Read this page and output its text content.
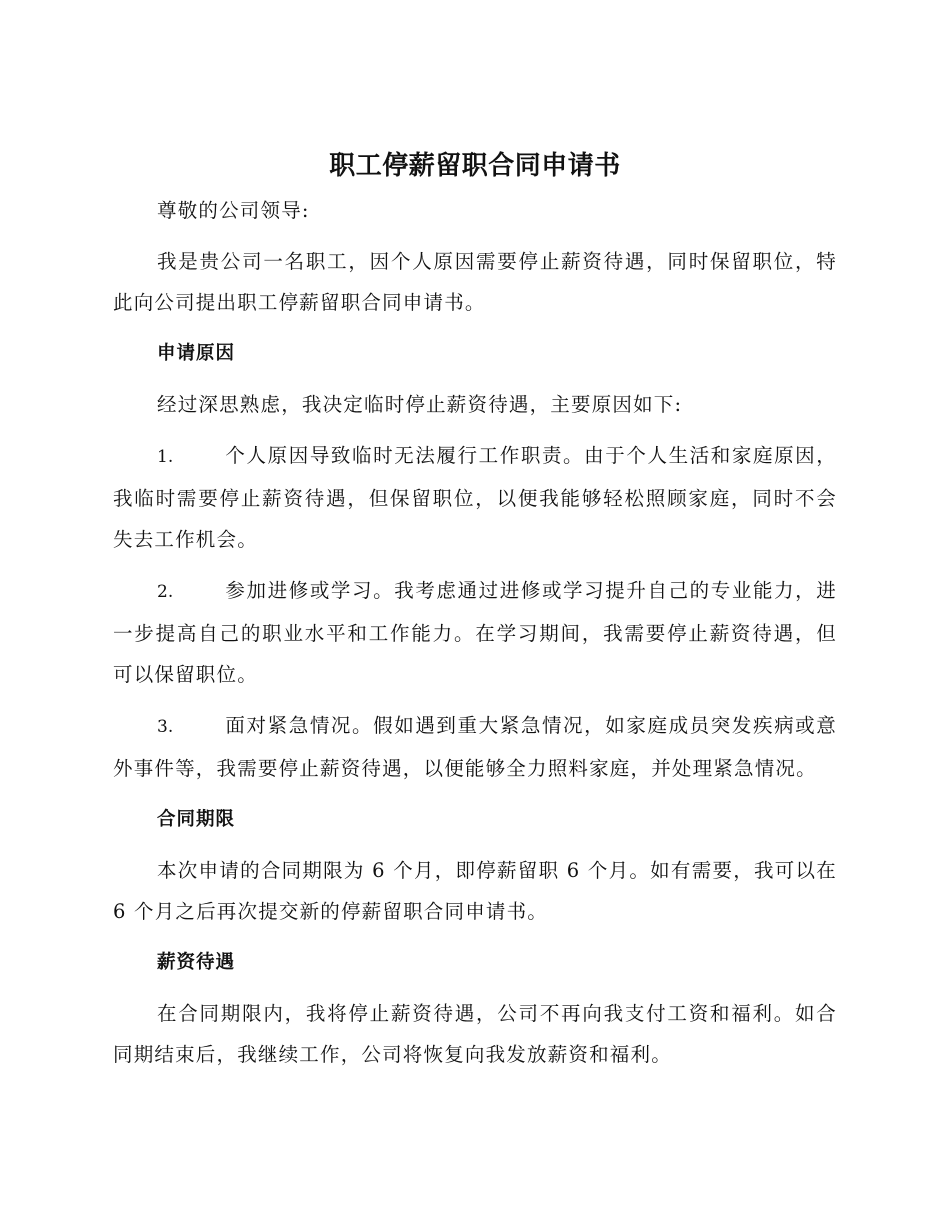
职工停薪留职合同申请书

尊敬的公司领导:

我是贵公司一名职工，因个人原因需要停止薪资待遇，同时保留职位，特此向公司提出职工停薪留职合同申请书。

申请原因

经过深思熟虑，我决定临时停止薪资待遇，主要原因如下:

1.	个人原因导致临时无法履行工作职责。由于个人生活和家庭原因，我临时需要停止薪资待遇，但保留职位，以便我能够轻松照顾家庭，同时不会失去工作机会。

2.	参加进修或学习。我考虑通过进修或学习提升自己的专业能力，进一步提高自己的职业水平和工作能力。在学习期间，我需要停止薪资待遇，但可以保留职位。

3.	面对紧急情况。假如遇到重大紧急情况，如家庭成员突发疾病或意外事件等，我需要停止薪资待遇，以便能够全力照料家庭，并处理紧急情况。

合同期限

本次申请的合同期限为 6 个月，即停薪留职 6 个月。如有需要，我可以在 6 个月之后再次提交新的停薪留职合同申请书。

薪资待遇

在合同期限内，我将停止薪资待遇，公司不再向我支付工资和福利。如合同期结束后，我继续工作，公司将恢复向我发放薪资和福利。
